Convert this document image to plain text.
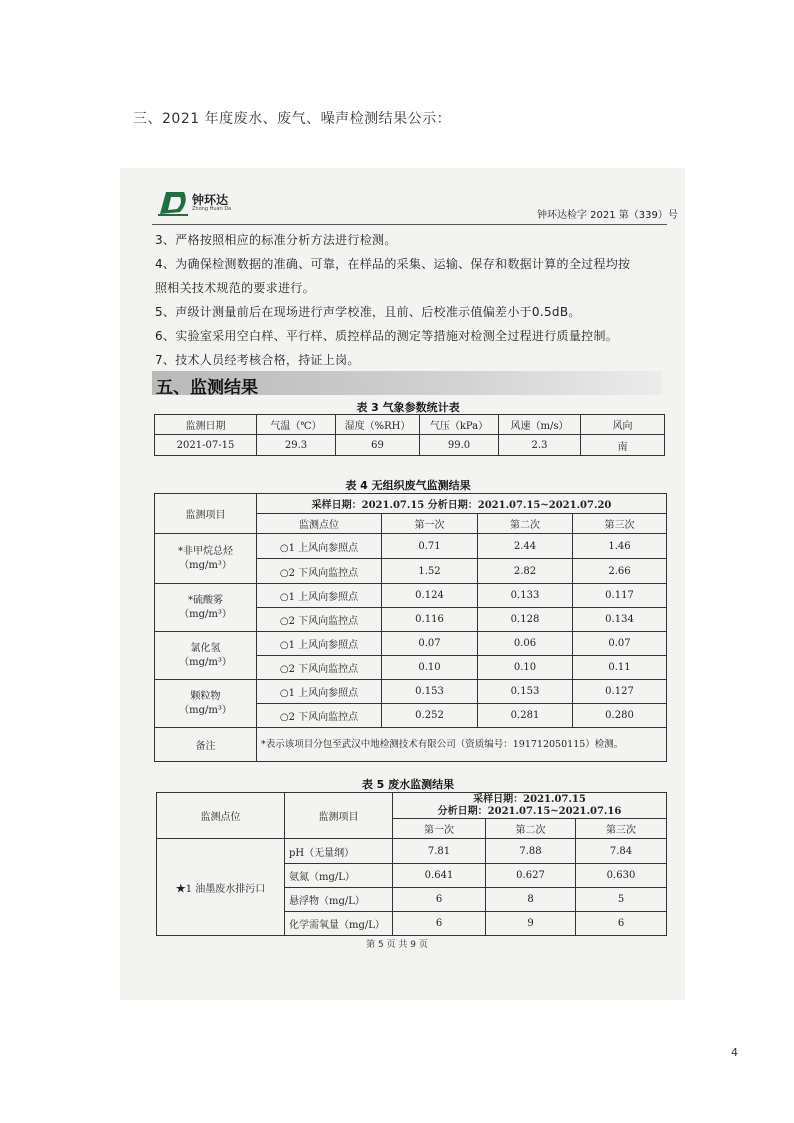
三、2021 年度废水、废气、噪声检测结果公示：
钟环达
Zhong Huan Da
钟环达检字 2021 第（339）号
3、严格按照相应的标准分析方法进行检测。
4、为确保检测数据的准确、可靠，在样品的采集、运输、保存和数据计算的全过程均按
照相关技术规范的要求进行。
5、声级计测量前后在现场进行声学校准，且前、后校准示值偏差小于0.5dB。
6、实验室采用空白样、平行样、质控样品的测定等措施对检测全过程进行质量控制。
7、技术人员经考核合格，持证上岗。
五、监测结果
表 3 气象参数统计表
监测日期	气温（℃）	湿度（%RH）	气压（kPa）	风速（m/s）	风向
2021-07-15	29.3	69	99.0	2.3	南
表 4 无组织废气监测结果
监测项目	采样日期：2021.07.15 分析日期：2021.07.15~2021.07.20			
	监测点位	第一次	第二次	第三次
*非甲烷总烃
（mg/m³）	○1 上风向参照点	0.71	2.44	1.46
	○2 下风向监控点	1.52	2.82	2.66
*硫酸雾
（mg/m³）	○1 上风向参照点	0.124	0.133	0.117
	○2 下风向监控点	0.116	0.128	0.134
氯化氢
（mg/m³）	○1 上风向参照点	0.07	0.06	0.07
	○2 下风向监控点	0.10	0.10	0.11
颗粒物
（mg/m³）	○1 上风向参照点	0.153	0.153	0.127
	○2 下风向监控点	0.252	0.281	0.280
备注	*表示该项目分包至武汉中地检测技术有限公司（资质编号：191712050115）检测。			
表 5 废水监测结果
监测点位	监测项目	采样日期：2021.07.15
分析日期：2021.07.15~2021.07.16		
		第一次	第二次	第三次
★1 油墨废水排污口	pH（无量纲）	7.81	7.88	7.84
	氨氮（mg/L）	0.641	0.627	0.630
	悬浮物（mg/L）	6	8	5
	化学需氧量（mg/L）	6	9	6
第 5 页 共 9 页
4
